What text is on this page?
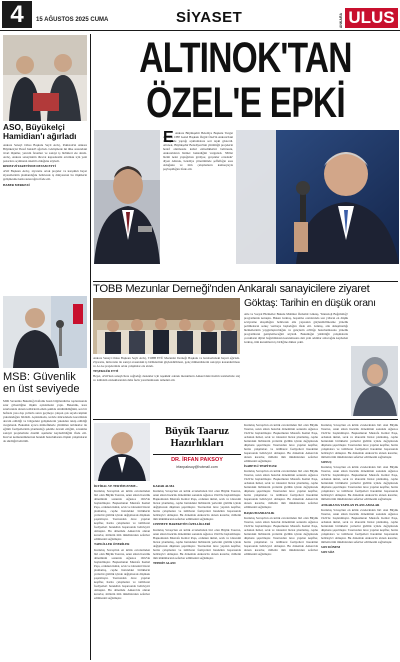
4	15 AĞUSTOS 2025 CUMA	SİYASET	ANKARA ULUS
ASO, Büyükelçi Hamidian'ı ağırladı

Ankara Sanayi Odası Başkanı Seyit Ardıç, Pakistan'ın Ankara Büyükelçisi Yusuf Junaid'i ağırladı. Görüşmede iki ülke arasındaki ticari ilişkiler, yatırım fırsatları ve sanayi iş birlikleri ele alındı. Ardıç, Ankara sanayisinin ihracat kapasitesini artırmak için yeni pazarlara açılmanın önemli olduğunu söyledi.

REDEP ZİYARETİNDE DEVAM ETTİ

ASO Başkanı Ardıç, ziyarette ortak projeler ve karşılıklı heyet ziyaretlerinin planlandığını belirterek iş dünyasının bu ilişkilerin gelişmesine katkı sunacağını ifade etti.

HABER MERKEZİ

MSB: Güvenlik
en üst seviyede
Milli Savunma Bakanlığı haftalık basın bilgilendirme toplantısında sınır güvenliğine ilişkin açıklamalar yaptı. Bakanlık, kara sınırlarında alınan tedbirlerin etkin şekilde sürdürüldüğünü, son bir haftada yasa dışı yollarla sınırı geçmeye çalışan çok sayıda kişinin yakalandığını bildirdi. Açıklamada, terörle mücadelede kararlılıkla devam edildiği ve bölgedeki gelişmelerin yakından takip edildiği vurgulandı. Bakanlık ayrıca müttefiklerle yürütülen tatbikatlar ile eğitim faaliyetlerinin planlandığı şekilde devam ettiğini, savunma sanayii projelerinde önemli aşamalar kaydedildiğini ifade etti. Kuvvet komutanlıklarının harekât hazırlıklarına ilişkin çalışmaların da sürdüğü belirtildi.
ALTINOK'TAN
ÖZEL'E EPKİ
E Ankara Büyükşehir Belediye Başkanı Turgut Altınok, CHP Genel Başkanı Özgür Özel'in Ankara'daki mitinginde yaptığı açıklamalara sert tepki gösterdi. Altınok, Büyükşehir Belediyesi'nin yürüttüğü projelerin hedef alınmasını kabul etmediklerini belirterek, Ankaralıların hizmet beklediğini vurguladı. 'Millet bizim neler yaptığımızı görüyor, gerçekler ortadadır' diyen Altınok, belediye yönetiminde şeffaflığın esas olduğunu ve tüm çalışmaların kamuoyuyla paylaşıldığını ifade etti.
TOBB Mezunlar Derneği'nden Ankaralı sanayicilere ziyaret

Ankara Sanayi Odası Başkanı Seyit Ardıç, TOBB ETÜ Mezunlar Derneği Başkanı ve beraberindeki heyeti ağırladı. Ziyarette, üniversite ile sanayi arasındaki iş birliklerinin güçlendirilmesi, genç mühendislerin sanayiye kazandırılması ve Ar-Ge projelerinde ortak çalışmalar ele alındı.

TEŞEKKÜR ETTİ

Heyet, ASO'nun sanayicilere sağladığı destekler için teşekkür ederek mezunların Ankara'daki üretim tesislerinde staj ve istihdam olanaklarından daha fazla yararlanmasını temenni etti.

Göktaş: Tarihin en düşük oranı
Aile ve Sosyal Hizmetler Bakanı Mahinur Özdemir Göktaş, 'Teknoloji Bağımlılığı' programında konuştu. Bakan Göktaş, boşanma oranlarında son yılların en düşük seviyesine ulaşıldığını belirterek aile yapısının güçlendirilmesine yönelik politikaların sonuç vermeye başladığını ifade etti. Göktaş, aile danışmanlığı hizmetlerinin yaygınlaştırıldığını ve gençlerin evliliğe hazırlanmasına yönelik programların genişletileceğini söyledi. Bakanlığın yürüttüğü çalışmalarla çocukların dijital bağımlılıktan korunmasına dair yeni adımlar atılacağını kaydeden Göktaş, tüm kurumların iş birliğine dikkat çekti.
Büyük Taaruz
Hazırlıkları
DR. İRFAN PAKSOY
irfanpaksoy@hotmail.com

İKTİDAL VE TERTİPLENME...

Kurtuluş Savaşı'nın en kritik evrelerinden biri olan Büyük Taarruz, uzun süren hazırlık döneminin sonunda Ağustos 1922'de başlatılmıştır. Başkomutan Mustafa Kemal Paşa, ordunun ikmal, sevk ve idaresini bizzat planlamış, cephe hattındaki birliklerin yerlerini gizlilik içinde değiştirerek düşmanı şaşırtmıştır. Taarruzdan önce yapılan keşifler, harita çalışmaları ve istihbarat faaliyetleri harekâtın başarısında belirleyici olmuştur. Bu dönemde Ankara'da alınan kararlar, milletin tüm imkânlarının seferber edilmesini sağlamıştır.

TAHLİLLER ÖNERİLER

Kurtuluş Savaşı'nın en kritik evrelerinden biri olan Büyük Taarruz, uzun süren hazırlık döneminin sonunda Ağustos 1922'de başlatılmıştır. Başkomutan Mustafa Kemal Paşa, ordunun ikmal, sevk ve idaresini bizzat planlamış, cephe hattındaki birliklerin yerlerini gizlilik içinde değiştirerek düşmanı şaşırtmıştır. Taarruzdan önce yapılan keşifler, harita çalışmaları ve istihbarat faaliyetleri harekâtın başarısında belirleyici olmuştur. Bu dönemde Ankara'da alınan kararlar, milletin tüm imkânlarının seferber edilmesini sağlamıştır.

KARAR ALMA

Kurtuluş Savaşı'nın en kritik evrelerinden biri olan Büyük Taarruz, uzun süren hazırlık döneminin sonunda Ağustos 1922'de başlatılmıştır. Başkomutan Mustafa Kemal Paşa, ordunun ikmal, sevk ve idaresini bizzat planlamış, cephe hattındaki birliklerin yerlerini gizlilik içinde değiştirerek düşmanı şaşırtmıştır. Taarruzdan önce yapılan keşifler, harita çalışmaları ve istihbarat faaliyetleri harekâtın başarısında belirleyici olmuştur. Bu dönemde Ankara'da alınan kararlar, milletin tüm imkânlarının seferber edilmesini sağlamıştır.

CEPHEYE HAREKETİN ÖZELLİKLERİ

Kurtuluş Savaşı'nın en kritik evrelerinden biri olan Büyük Taarruz, uzun süren hazırlık döneminin sonunda Ağustos 1922'de başlatılmıştır. Başkomutan Mustafa Kemal Paşa, ordunun ikmal, sevk ve idaresini bizzat planlamış, cephe hattındaki birliklerin yerlerini gizlilik içinde değiştirerek düşmanı şaşırtmıştır. Taarruzdan önce yapılan keşifler, harita çalışmaları ve istihbarat faaliyetleri harekâtın başarısında belirleyici olmuştur. Bu dönemde Ankara'da alınan kararlar, milletin tüm imkânlarının seferber edilmesini sağlamıştır.

TEHDİT ALANI

Kurtuluş Savaşı'nın en kritik evrelerinden biri olan Büyük Taarruz, uzun süren hazırlık döneminin sonunda Ağustos 1922'de başlatılmıştır. Başkomutan Mustafa Kemal Paşa, ordunun ikmal, sevk ve idaresini bizzat planlamış, cephe hattındaki birliklerin yerlerini gizlilik içinde değiştirerek düşmanı şaşırtmıştır. Taarruzdan önce yapılan keşifler, harita çalışmaları ve istihbarat faaliyetleri harekâtın başarısında belirleyici olmuştur. Bu dönemde Ankara'da alınan kararlar, milletin tüm imkânlarının seferber edilmesini sağlamıştır.

İSABETLİ TESPİTLER

Kurtuluş Savaşı'nın en kritik evrelerinden biri olan Büyük Taarruz, uzun süren hazırlık döneminin sonunda Ağustos 1922'de başlatılmıştır. Başkomutan Mustafa Kemal Paşa, ordunun ikmal, sevk ve idaresini bizzat planlamış, cephe hattındaki birliklerin yerlerini gizlilik içinde değiştirerek düşmanı şaşırtmıştır. Taarruzdan önce yapılan keşifler, harita çalışmaları ve istihbarat faaliyetleri harekâtın başarısında belirleyici olmuştur. Bu dönemde Ankara'da alınan kararlar, milletin tüm imkânlarının seferber edilmesini sağlamıştır.

BAŞKUMANDANLIK

Kurtuluş Savaşı'nın en kritik evrelerinden biri olan Büyük Taarruz, uzun süren hazırlık döneminin sonunda Ağustos 1922'de başlatılmıştır. Başkomutan Mustafa Kemal Paşa, ordunun ikmal, sevk ve idaresini bizzat planlamış, cephe hattındaki birliklerin yerlerini gizlilik içinde değiştirerek düşmanı şaşırtmıştır. Taarruzdan önce yapılan keşifler, harita çalışmaları ve istihbarat faaliyetleri harekâtın başarısında belirleyici olmuştur. Bu dönemde Ankara'da alınan kararlar, milletin tüm imkânlarının seferber edilmesini sağlamıştır.

Kurtuluş Savaşı'nın en kritik evrelerinden biri olan Büyük Taarruz, uzun süren hazırlık döneminin sonunda Ağustos 1922'de başlatılmıştır. Başkomutan Mustafa Kemal Paşa, ordunun ikmal, sevk ve idaresini bizzat planlamış, cephe hattındaki birliklerin yerlerini gizlilik içinde değiştirerek düşmanı şaşırtmıştır. Taarruzdan önce yapılan keşifler, harita çalışmaları ve istihbarat faaliyetleri harekâtın başarısında belirleyici olmuştur. Bu dönemde Ankara'da alınan kararlar, milletin tüm imkânlarının seferber edilmesini sağlamıştır.

SONUÇ

Kurtuluş Savaşı'nın en kritik evrelerinden biri olan Büyük Taarruz, uzun süren hazırlık döneminin sonunda Ağustos 1922'de başlatılmıştır. Başkomutan Mustafa Kemal Paşa, ordunun ikmal, sevk ve idaresini bizzat planlamış, cephe hattındaki birliklerin yerlerini gizlilik içinde değiştirerek düşmanı şaşırtmıştır. Taarruzdan önce yapılan keşifler, harita çalışmaları ve istihbarat faaliyetleri harekâtın başarısında belirleyici olmuştur. Bu dönemde Ankara'da alınan kararlar, milletin tüm imkânlarının seferber edilmesini sağlamıştır.

ANKARA'DA YAPILAN PLANLAMALAR

Kurtuluş Savaşı'nın en kritik evrelerinden biri olan Büyük Taarruz, uzun süren hazırlık döneminin sonunda Ağustos 1922'de başlatılmıştır. Başkomutan Mustafa Kemal Paşa, ordunun ikmal, sevk ve idaresini bizzat planlamış, cephe hattındaki birliklerin yerlerini gizlilik içinde değiştirerek düşmanı şaşırtmıştır. Taarruzdan önce yapılan keşifler, harita çalışmaları ve istihbarat faaliyetleri harekâtın başarısında belirleyici olmuştur. Bu dönemde Ankara'da alınan kararlar, milletin tüm imkânlarının seferber edilmesini sağlamıştır.

SON DÖNEM

SON SÖZ
